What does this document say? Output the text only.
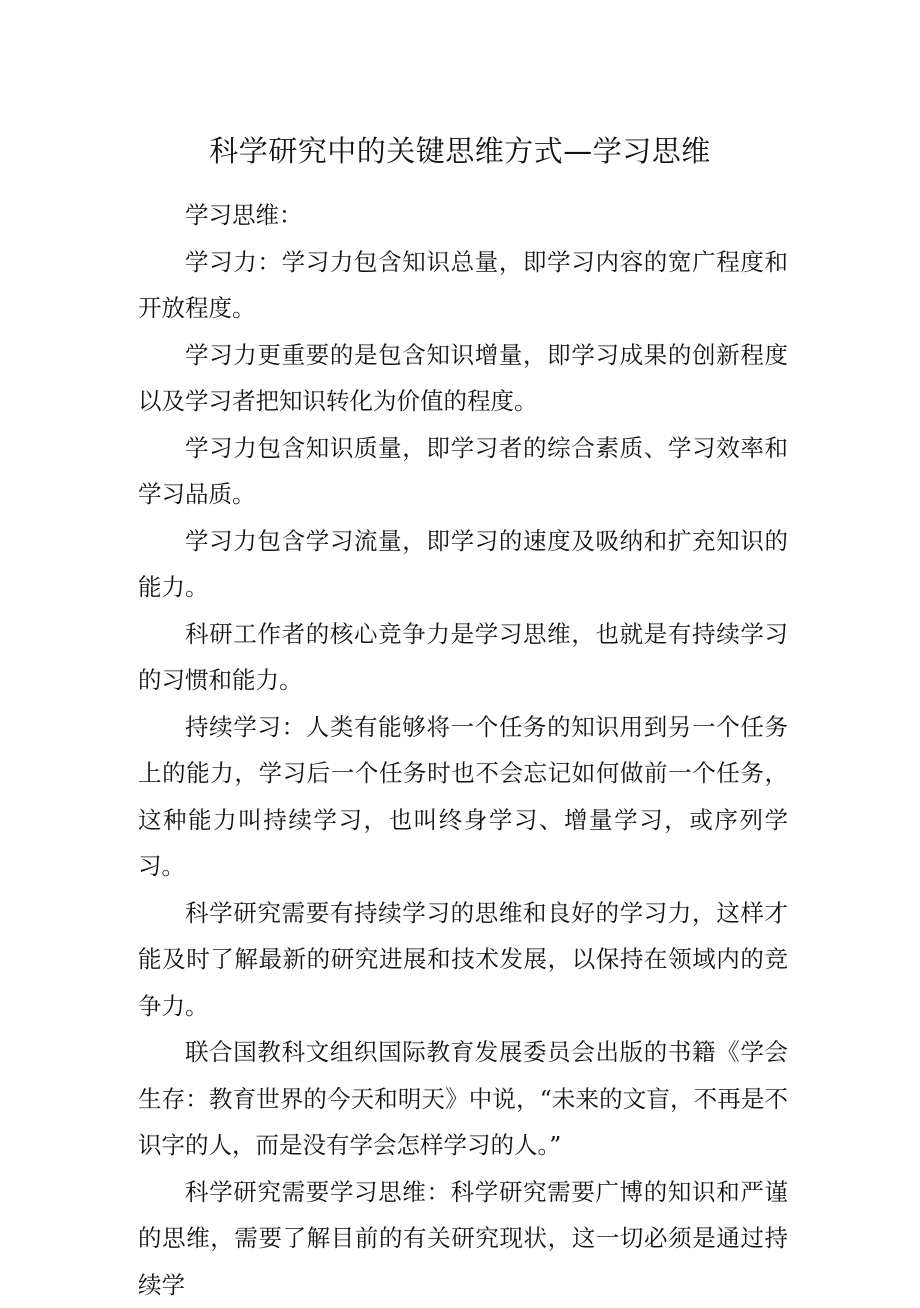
科学研究中的关键思维方式—学习思维

学习思维：

学习力：学习力包含知识总量，即学习内容的宽广程度和开放程度。

学习力更重要的是包含知识增量，即学习成果的创新程度以及学习者把知识转化为价值的程度。

学习力包含知识质量，即学习者的综合素质、学习效率和学习品质。

学习力包含学习流量，即学习的速度及吸纳和扩充知识的能力。

科研工作者的核心竞争力是学习思维，也就是有持续学习的习惯和能力。

持续学习：人类有能够将一个任务的知识用到另一个任务上的能力，学习后一个任务时也不会忘记如何做前一个任务，这种能力叫持续学习，也叫终身学习、增量学习，或序列学习。

科学研究需要有持续学习的思维和良好的学习力，这样才能及时了解最新的研究进展和技术发展，以保持在领域内的竞争力。

联合国教科文组织国际教育发展委员会出版的书籍《学会生存：教育世界的今天和明天》中说，“未来的文盲，不再是不识字的人，而是没有学会怎样学习的人。”

科学研究需要学习思维：科学研究需要广博的知识和严谨的思维，需要了解目前的有关研究现状，这一切必须是通过持续学
